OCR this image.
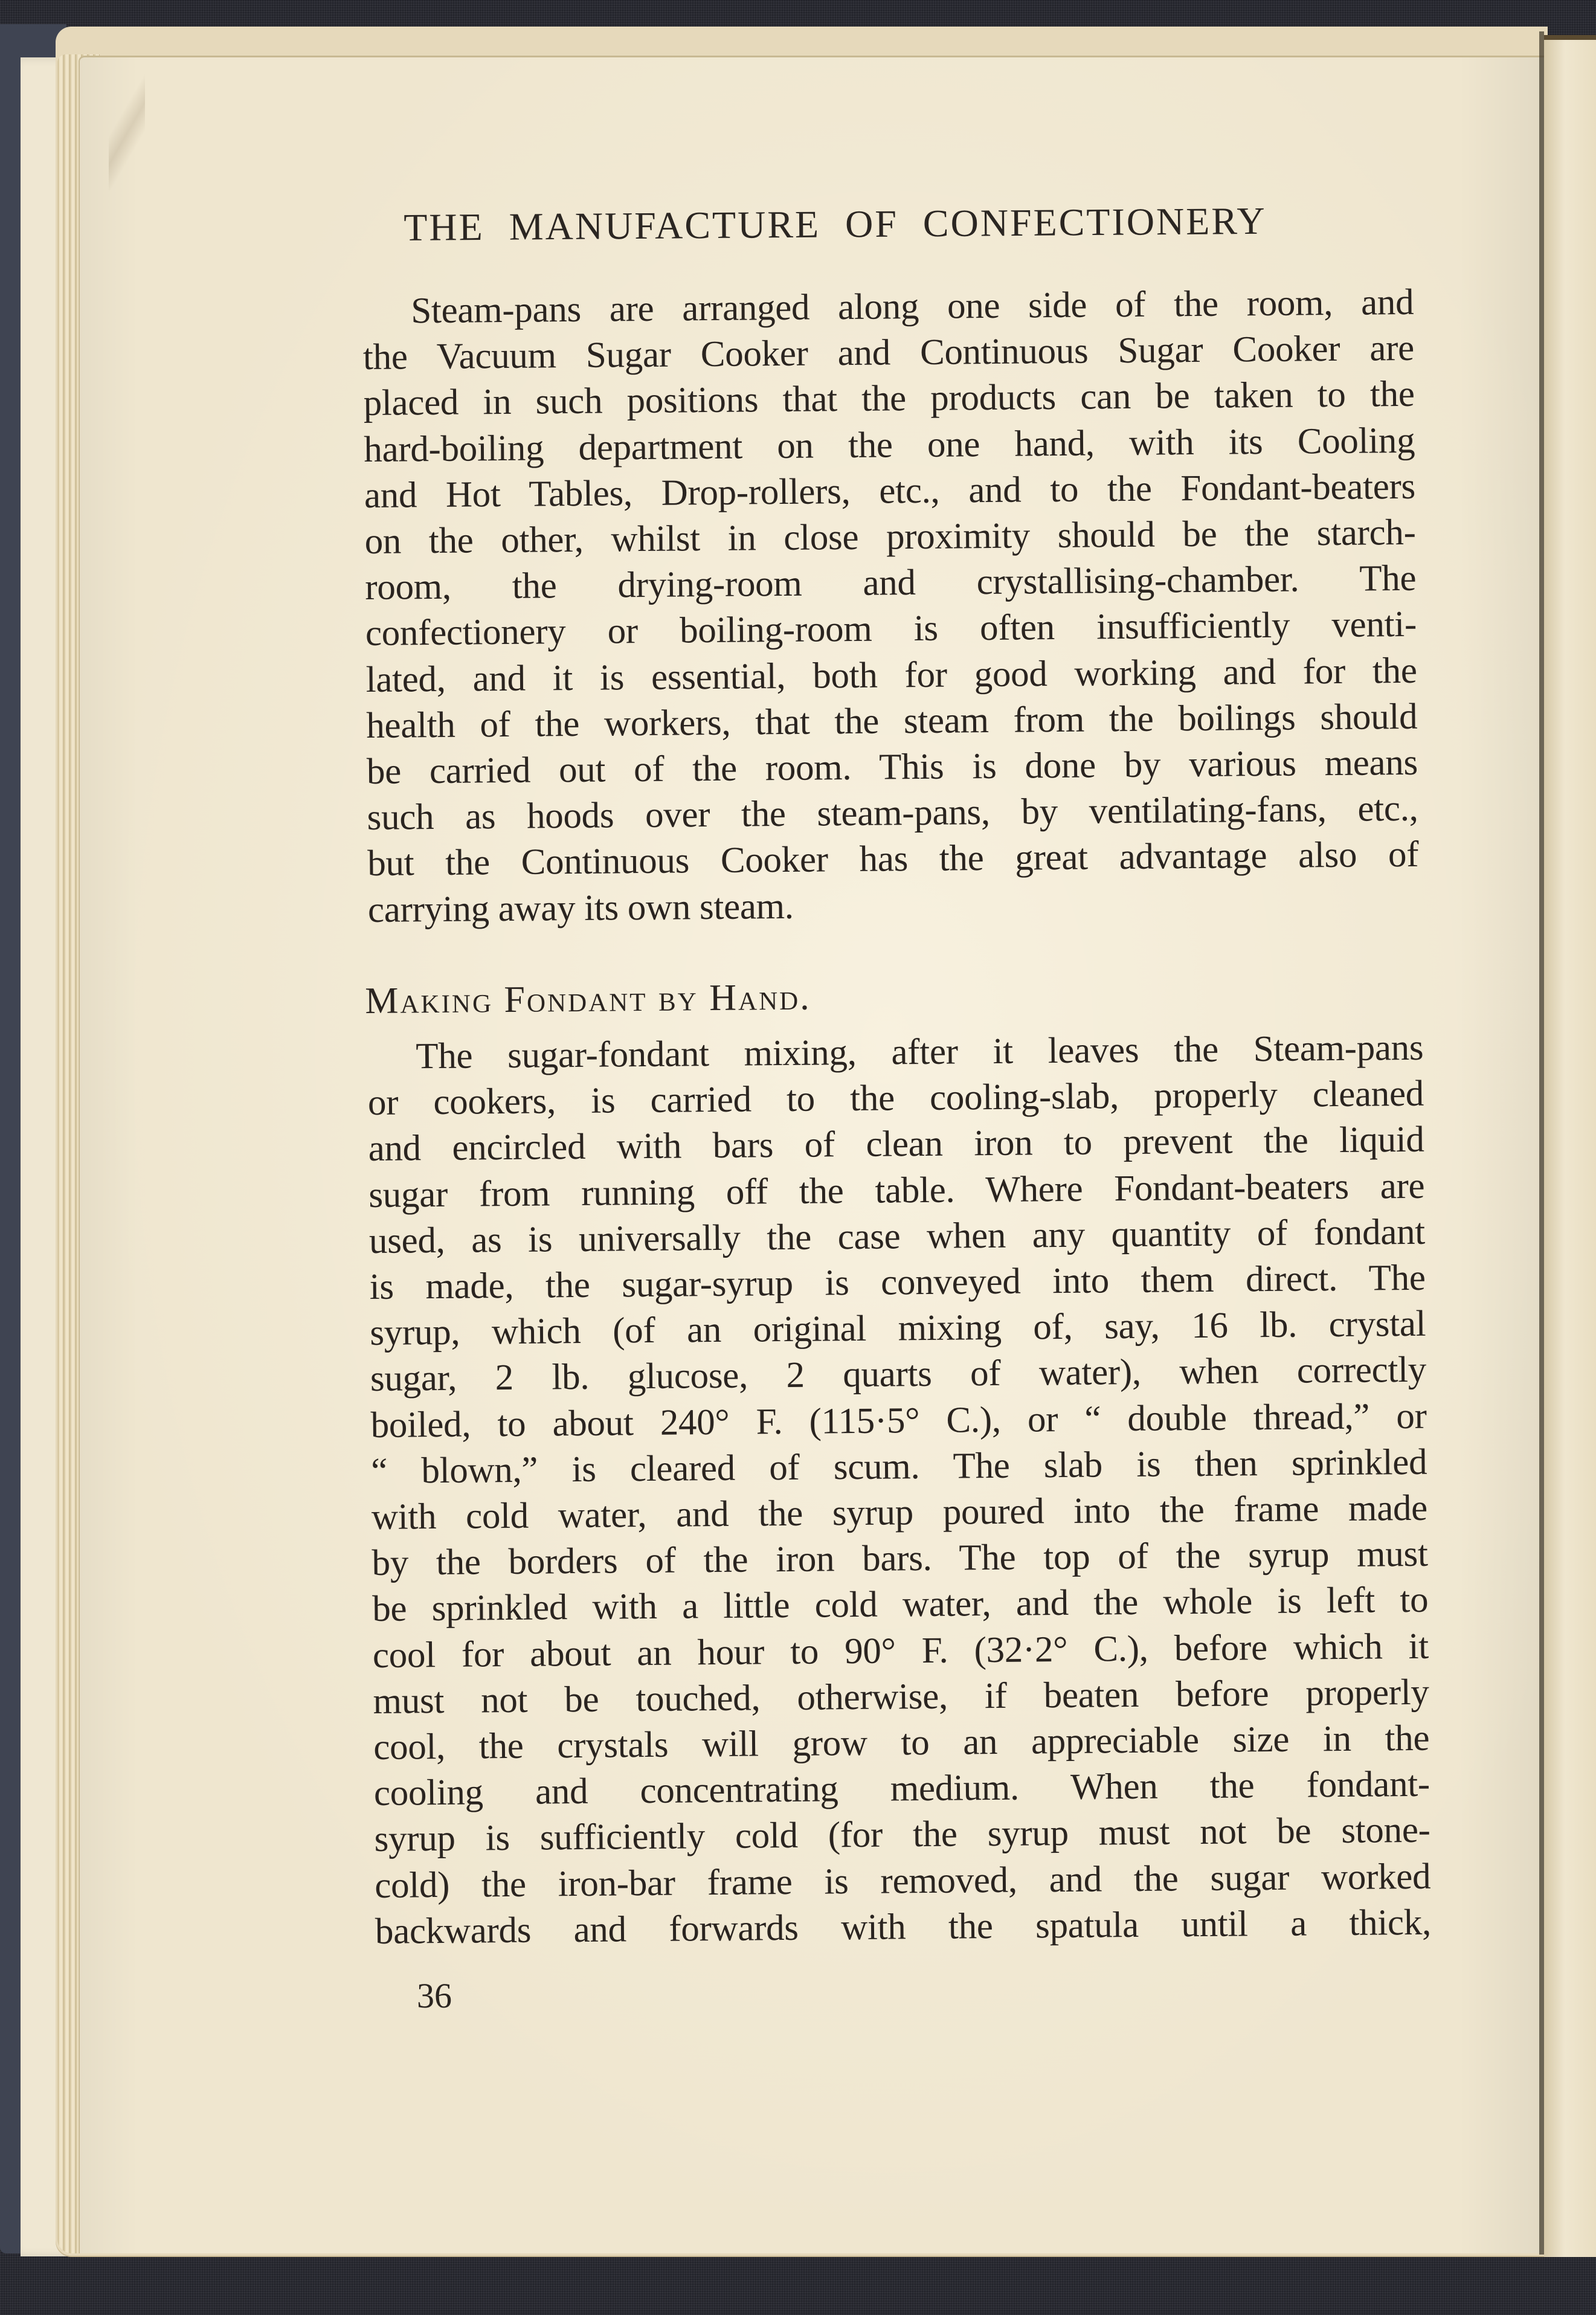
THE MANUFACTURE OF CONFECTIONERY
Steam-pans are arranged along one side of the room, and
the Vacuum Sugar Cooker and Continuous Sugar Cooker are
placed in such positions that the products can be taken to the
hard-boiling department on the one hand, with its Cooling
and Hot Tables, Drop-rollers, etc., and to the Fondant-beaters
on the other, whilst in close proximity should be the starch-
room, the drying-room and crystallising-chamber. The
confectionery or boiling-room is often insufficiently venti-
lated, and it is essential, both for good working and for the
health of the workers, that the steam from the boilings should
be carried out of the room. This is done by various means
such as hoods over the steam-pans, by ventilating-fans, etc.,
but the Continuous Cooker has the great advantage also of
carrying away its own steam.
Making Fondant by Hand.
The sugar-fondant mixing, after it leaves the Steam-pans
or cookers, is carried to the cooling-slab, properly cleaned
and encircled with bars of clean iron to prevent the liquid
sugar from running off the table. Where Fondant-beaters are
used, as is universally the case when any quantity of fondant
is made, the sugar-syrup is conveyed into them direct. The
syrup, which (of an original mixing of, say, 16 lb. crystal
sugar, 2 lb. glucose, 2 quarts of water), when correctly
boiled, to about 240° F. (115·5° C.), or “ double thread,” or
“ blown,” is cleared of scum. The slab is then sprinkled
with cold water, and the syrup poured into the frame made
by the borders of the iron bars. The top of the syrup must
be sprinkled with a little cold water, and the whole is left to
cool for about an hour to 90° F. (32·2° C.), before which it
must not be touched, otherwise, if beaten before properly
cool, the crystals will grow to an appreciable size in the
cooling and concentrating medium. When the fondant-
syrup is sufficiently cold (for the syrup must not be stone-
cold) the iron-bar frame is removed, and the sugar worked
backwards and forwards with the spatula until a thick,
36
